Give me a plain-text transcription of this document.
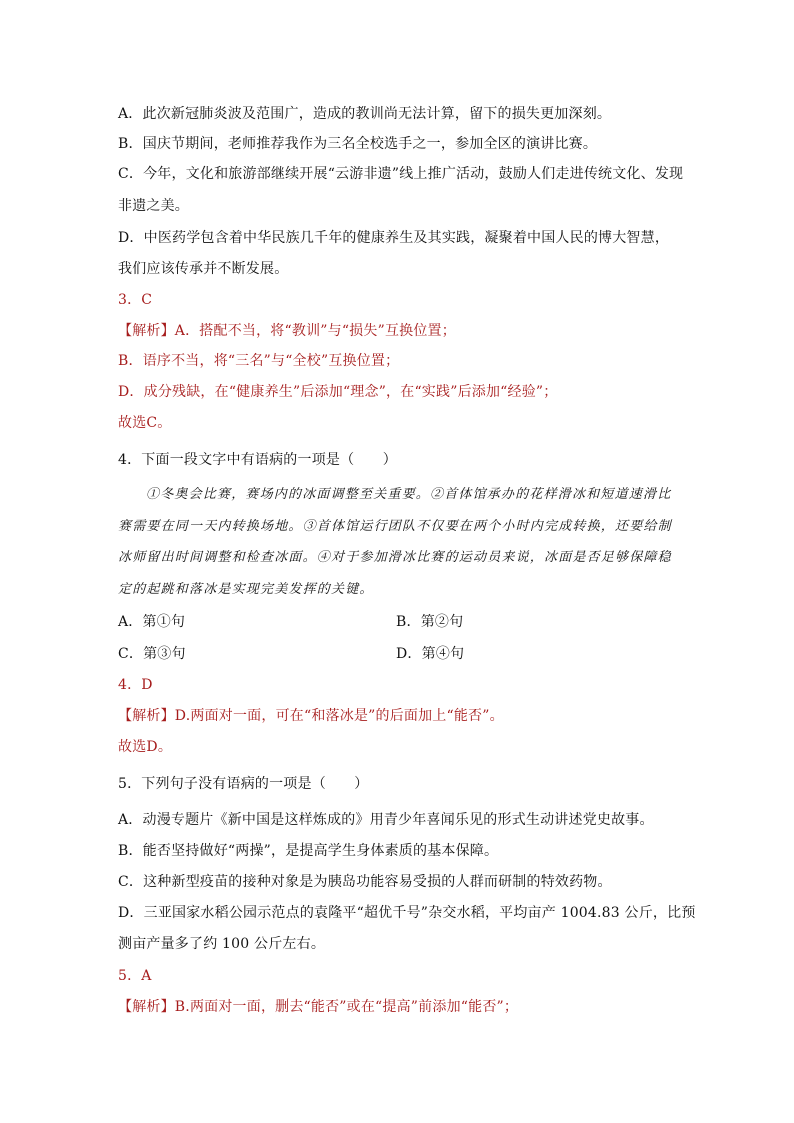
A．此次新冠肺炎波及范围广，造成的教训尚无法计算，留下的损失更加深刻。
B．国庆节期间，老师推荐我作为三名全校选手之一，参加全区的演讲比赛。
C．今年，文化和旅游部继续开展“云游非遗”线上推广活动，鼓励人们走进传统文化、发现
非遗之美。
D．中医药学包含着中华民族几千年的健康养生及其实践，凝聚着中国人民的博大智慧，
我们应该传承并不断发展。
3．C
【解析】A．搭配不当，将“教训”与“损失”互换位置；
B．语序不当，将“三名”与“全校”互换位置；
D．成分残缺，在“健康养生”后添加“理念”，在“实践”后添加“经验”；
故选C。
4．下面一段文字中有语病的一项是（　　）
①冬奥会比赛，赛场内的冰面调整至关重要。②首体馆承办的花样滑冰和短道速滑比
赛需要在同一天内转换场地。③首体馆运行团队不仅要在两个小时内完成转换，还要给制
冰师留出时间调整和检查冰面。④对于参加滑冰比赛的运动员来说，冰面是否足够保障稳
定的起跳和落冰是实现完美发挥的关键。
A．第①句	B．第②句
C．第③句	D．第④句
4．D
【解析】D.两面对一面，可在“和落冰是”的后面加上“能否”。
故选D。
5．下列句子没有语病的一项是（　　）
A．动漫专题片《新中国是这样炼成的》用青少年喜闻乐见的形式生动讲述党史故事。
B．能否坚持做好“两操”，是提高学生身体素质的基本保障。
C．这种新型疫苗的接种对象是为胰岛功能容易受损的人群而研制的特效药物。
D．三亚国家水稻公园示范点的袁隆平“超优千号”杂交水稻，平均亩产 1004.83 公斤，比预
测亩产量多了约 100 公斤左右。
5．A
【解析】B.两面对一面，删去“能否”或在“提高”前添加“能否”；
